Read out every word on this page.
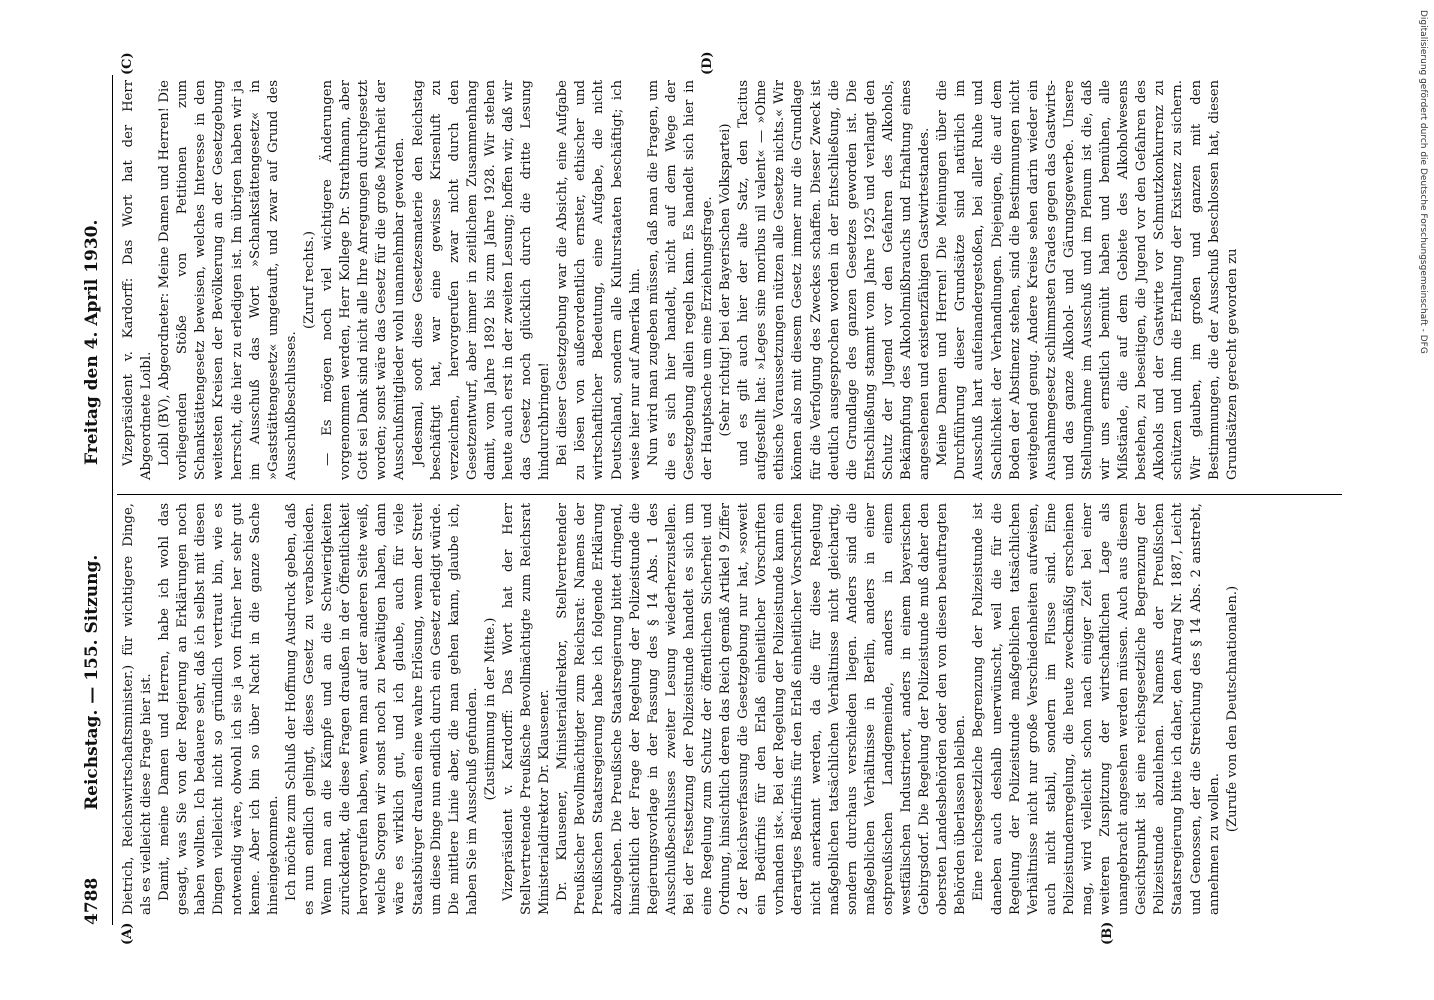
4788
Reichstag. — 155. Sitzung.
Freitag den 4. April 1930.
(A)	(B)
(C)	(D)

Dietrich, Reichswirtschaftsminister.) für wichtigere Dinge, als es vielleicht diese Frage hier ist. Damit, meine Damen und Herren, habe ich wohl das gesagt, was Sie von der Regierung an Erklärungen noch haben wollten. Ich bedauere sehr, daß ich selbst mit diesen Dingen vielleicht nicht so gründlich vertraut bin, wie es notwendig wäre, obwohl ich sie ja von früher her sehr gut kenne. Aber ich bin so über Nacht in die ganze Sache hineingekommen. Ich möchte zum Schluß der Hoffnung Ausdruck geben, daß es nun endlich gelingt, dieses Gesetz zu verabschieden. Wenn man an die Kämpfe und an die Schwierigkeiten zurückdenkt, die diese Fragen draußen in der Öffentlichkeit hervorgerufen haben, wenn man auf der anderen Seite weiß, welche Sorgen wir sonst noch zu bewältigen haben, dann wäre es wirklich gut, und ich glaube, auch für viele Staatsbürger draußen eine wahre Erlösung, wenn der Streit um diese Dinge nun endlich durch ein Gesetz erledigt würde. Die mittlere Linie aber, die man gehen kann, glaube ich, haben Sie im Ausschuß gefunden. (Zustimmung in der Mitte.) Vizepräsident v. Kardorff: Das Wort hat der Herr Stellvertretende Preußische Bevollmächtigte zum Reichsrat Ministerialdirektor Dr. Klausener. Dr. Klausener, Ministerialdirektor, Stellvertretender Preußischer Bevollmächtigter zum Reichsrat: Namens der Preußischen Staatsregierung habe ich folgende Erklärung abzugeben. Die Preußische Staatsregierung bittet dringend, hinsichtlich der Frage der Regelung der Polizeistunde die Regierungsvorlage in der Fassung des § 14 Abs. 1 des Ausschußbeschlusses zweiter Lesung wiederherzustellen. Bei der Festsetzung der Polizeistunde handelt es sich um eine Regelung zum Schutz der öffentlichen Sicherheit und Ordnung, hinsichtlich deren das Reich gemäß Artikel 9 Ziffer 2 der Reichsverfassung die Gesetzgebung nur hat, »soweit ein Bedürfnis für den Erlaß einheitlicher Vorschriften vorhanden ist«. Bei der Regelung der Polizeistunde kann ein derartiges Bedürfnis für den Erlaß einheitlicher Vorschriften nicht anerkannt werden, da die für diese Regelung maßgeblichen tatsächlichen Verhältnisse nicht gleichartig, sondern durchaus verschieden liegen. Anders sind die maßgeblichen Verhältnisse in Berlin, anders in einer ostpreußischen Landgemeinde, anders in einem westfälischen Industrieort, anders in einem bayerischen Gebirgsdorf. Die Regelung der Polizeistunde muß daher den obersten Landesbehörden oder den von diesen beauftragten Behörden überlassen bleiben. Eine reichsgesetzliche Begrenzung der Polizeistunde ist daneben auch deshalb unerwünscht, weil die für die Regelung der Polizeistunde maßgeblichen tatsächlichen Verhältnisse nicht nur große Verschiedenheiten aufweisen, auch nicht stabil, sondern im Flusse sind. Eine Polizeistundenregelung, die heute zweckmäßig erscheinen mag, wird vielleicht schon nach einiger Zeit bei einer weiteren Zuspitzung der wirtschaftlichen Lage als unangebracht angesehen werden müssen. Auch aus diesem Gesichtspunkt ist eine reichsgesetzliche Begrenzung der Polizeistunde abzulehnen. Namens der Preußischen Staatsregierung bitte ich daher, den Antrag Nr. 1887, Leicht und Genossen, der die Streichung des § 14 Abs. 2 anstrebt, annehmen zu wollen.

(Zurufe von den Deutschnationalen.)

Vizepräsident v. Kardorff: Das Wort hat der Herr Abgeordnete Loibl. Loibl (BV), Abgeordneter: Meine Damen und Herren! Die vorliegenden Stöße von Petitionen zum Schankstättengesetz beweisen, welches Interesse in den weitesten Kreisen der Bevölkerung an der Gesetzgebung herrscht, die hier zu erledigen ist. Im übrigen haben wir ja im Ausschuß das Wort »Schankstättengesetz« in »Gaststättengesetz« umgetauft, und zwar auf Grund des Ausschußbeschlusses.

(Zuruf rechts.) — Es mögen noch viel wichtigere Änderungen vorgenommen werden, Herr Kollege Dr. Strathmann, aber Gott sei Dank sind nicht alle Ihre Anregungen durchgesetzt worden; sonst wäre das Gesetz für die große Mehrheit der Ausschußmitglieder wohl unannehmbar geworden. Jedesmal, sooft diese Gesetzesmaterie den Reichstag beschäftigt hat, war eine gewisse Krisenluft zu verzeichnen, hervorgerufen zwar nicht durch den Gesetzentwurf, aber immer in zeitlichem Zusammenhang damit, vom Jahre 1892 bis zum Jahre 1928. Wir stehen heute auch erst in der zweiten Lesung; hoffen wir, daß wir das Gesetz noch glücklich durch die dritte Lesung hindurchbringen! Bei dieser Gesetzgebung war die Absicht, eine Aufgabe zu lösen von außerordentlich ernster, ethischer und wirtschaftlicher Bedeutung, eine Aufgabe, die nicht Deutschland, sondern alle Kulturstaaten beschäftigt; ich weise hier nur auf Amerika hin. Nun wird man zugeben müssen, daß man die Fragen, um die es sich hier handelt, nicht auf dem Wege der Gesetzgebung allein regeln kann. Es handelt sich hier in der Hauptsache um eine Erziehungsfrage. (Sehr richtig! bei der Bayerischen Volkspartei) und es gilt auch hier der alte Satz, den Tacitus aufgestellt hat: »Leges sine moribus nil valent« — »Ohne ethische Voraussetzungen nützen alle Gesetze nichts.« Wir können also mit diesem Gesetz immer nur die Grundlage für die Verfolgung des Zweckes schaffen. Dieser Zweck ist deutlich ausgesprochen worden in der Entschließung, die die Grundlage des ganzen Gesetzes geworden ist. Die Entschließung stammt vom Jahre 1925 und verlangt den Schutz der Jugend vor den Gefahren des Alkohols, Bekämpfung des Alkoholmißbrauchs und Erhaltung eines angesehenen und existenzfähigen Gastwirtestandes. Meine Damen und Herren! Die Meinungen über die Durchführung dieser Grundsätze sind natürlich im Ausschuß hart aufeinandergestoßen, bei aller Ruhe und Sachlichkeit der Verhandlungen. Diejenigen, die auf dem Boden der Abstinenz stehen, sind die Bestimmungen nicht weitgehend genug. Andere Kreise sehen darin wieder ein Ausnahmegesetz schlimmsten Grades gegen das Gastwirts- und das ganze Alkohol- und Gärungsgewerbe. Unsere Stellungnahme im Ausschuß und im Plenum ist die, daß wir uns ernstlich bemüht haben und bemühen, alle Mißstände, die auf dem Gebiete des Alkoholwesens bestehen, zu beseitigen, die Jugend vor den Gefahren des Alkohols und der Gastwirte vor Schmutzkonkurrenz zu schützen und ihm die Erhaltung der Existenz zu sichern. Wir glauben, im großen und ganzen mit den Bestimmungen, die der Ausschuß beschlossen hat, diesen Grundsätzen gerecht geworden zu

Digitalisierung gefördert durch die Deutsche Forschungsgemeinschaft - DFG
